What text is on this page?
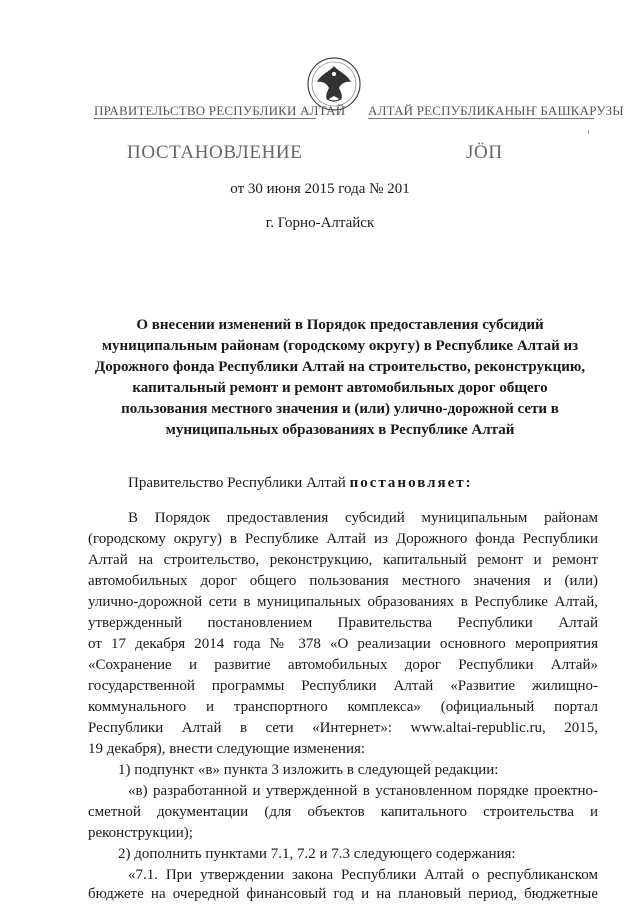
ПРАВИТЕЛЬСТВО РЕСПУБЛИКИ АЛТАЙ АЛТАЙ РЕСПУБЛИКАНЫҤ БАШКАРУЗЫ
ПОСТАНОВЛЕНИЕ	JӦП
от 30 июня 2015 года № 201
г. Горно-Алтайск
О внесении изменений в Порядок предоставления субсидий
муниципальным районам (городскому округу) в Республике Алтай из
Дорожного фонда Республики Алтай на строительство, реконструкцию,
капитальный ремонт и ремонт автомобильных дорог общего
пользования местного значения и (или) улично-дорожной сети в
муниципальных образованиях в Республике Алтай
Правительство Республики Алтай постановляет:
В Порядок предоставления субсидий муниципальным районам
(городскому округу) в Республике Алтай из Дорожного фонда Республики
Алтай на строительство, реконструкцию, капитальный ремонт и ремонт
автомобильных дорог общего пользования местного значения и (или)
улично-дорожной сети в муниципальных образованиях в Республике Алтай,
утвержденный постановлением Правительства Республики Алтай
от 17 декабря 2014 года № 378 «О реализации основного мероприятия
«Сохранение и развитие автомобильных дорог Республики Алтай»
государственной программы Республики Алтай «Развитие жилищно-
коммунального и транспортного комплекса» (официальный портал
Республики Алтай в сети «Интернет»: www.altai-republic.ru, 2015,
19 декабря), внести следующие изменения:
1) подпункт «в» пункта 3 изложить в следующей редакции:
«в) разработанной и утвержденной в установленном порядке проектно-
сметной документации (для объектов капитального строительства и
реконструкции);
2) дополнить пунктами 7.1, 7.2 и 7.3 следующего содержания:
«7.1. При утверждении закона Республики Алтай о республиканском
бюджете на очередной финансовый год и на плановый период, бюджетные
